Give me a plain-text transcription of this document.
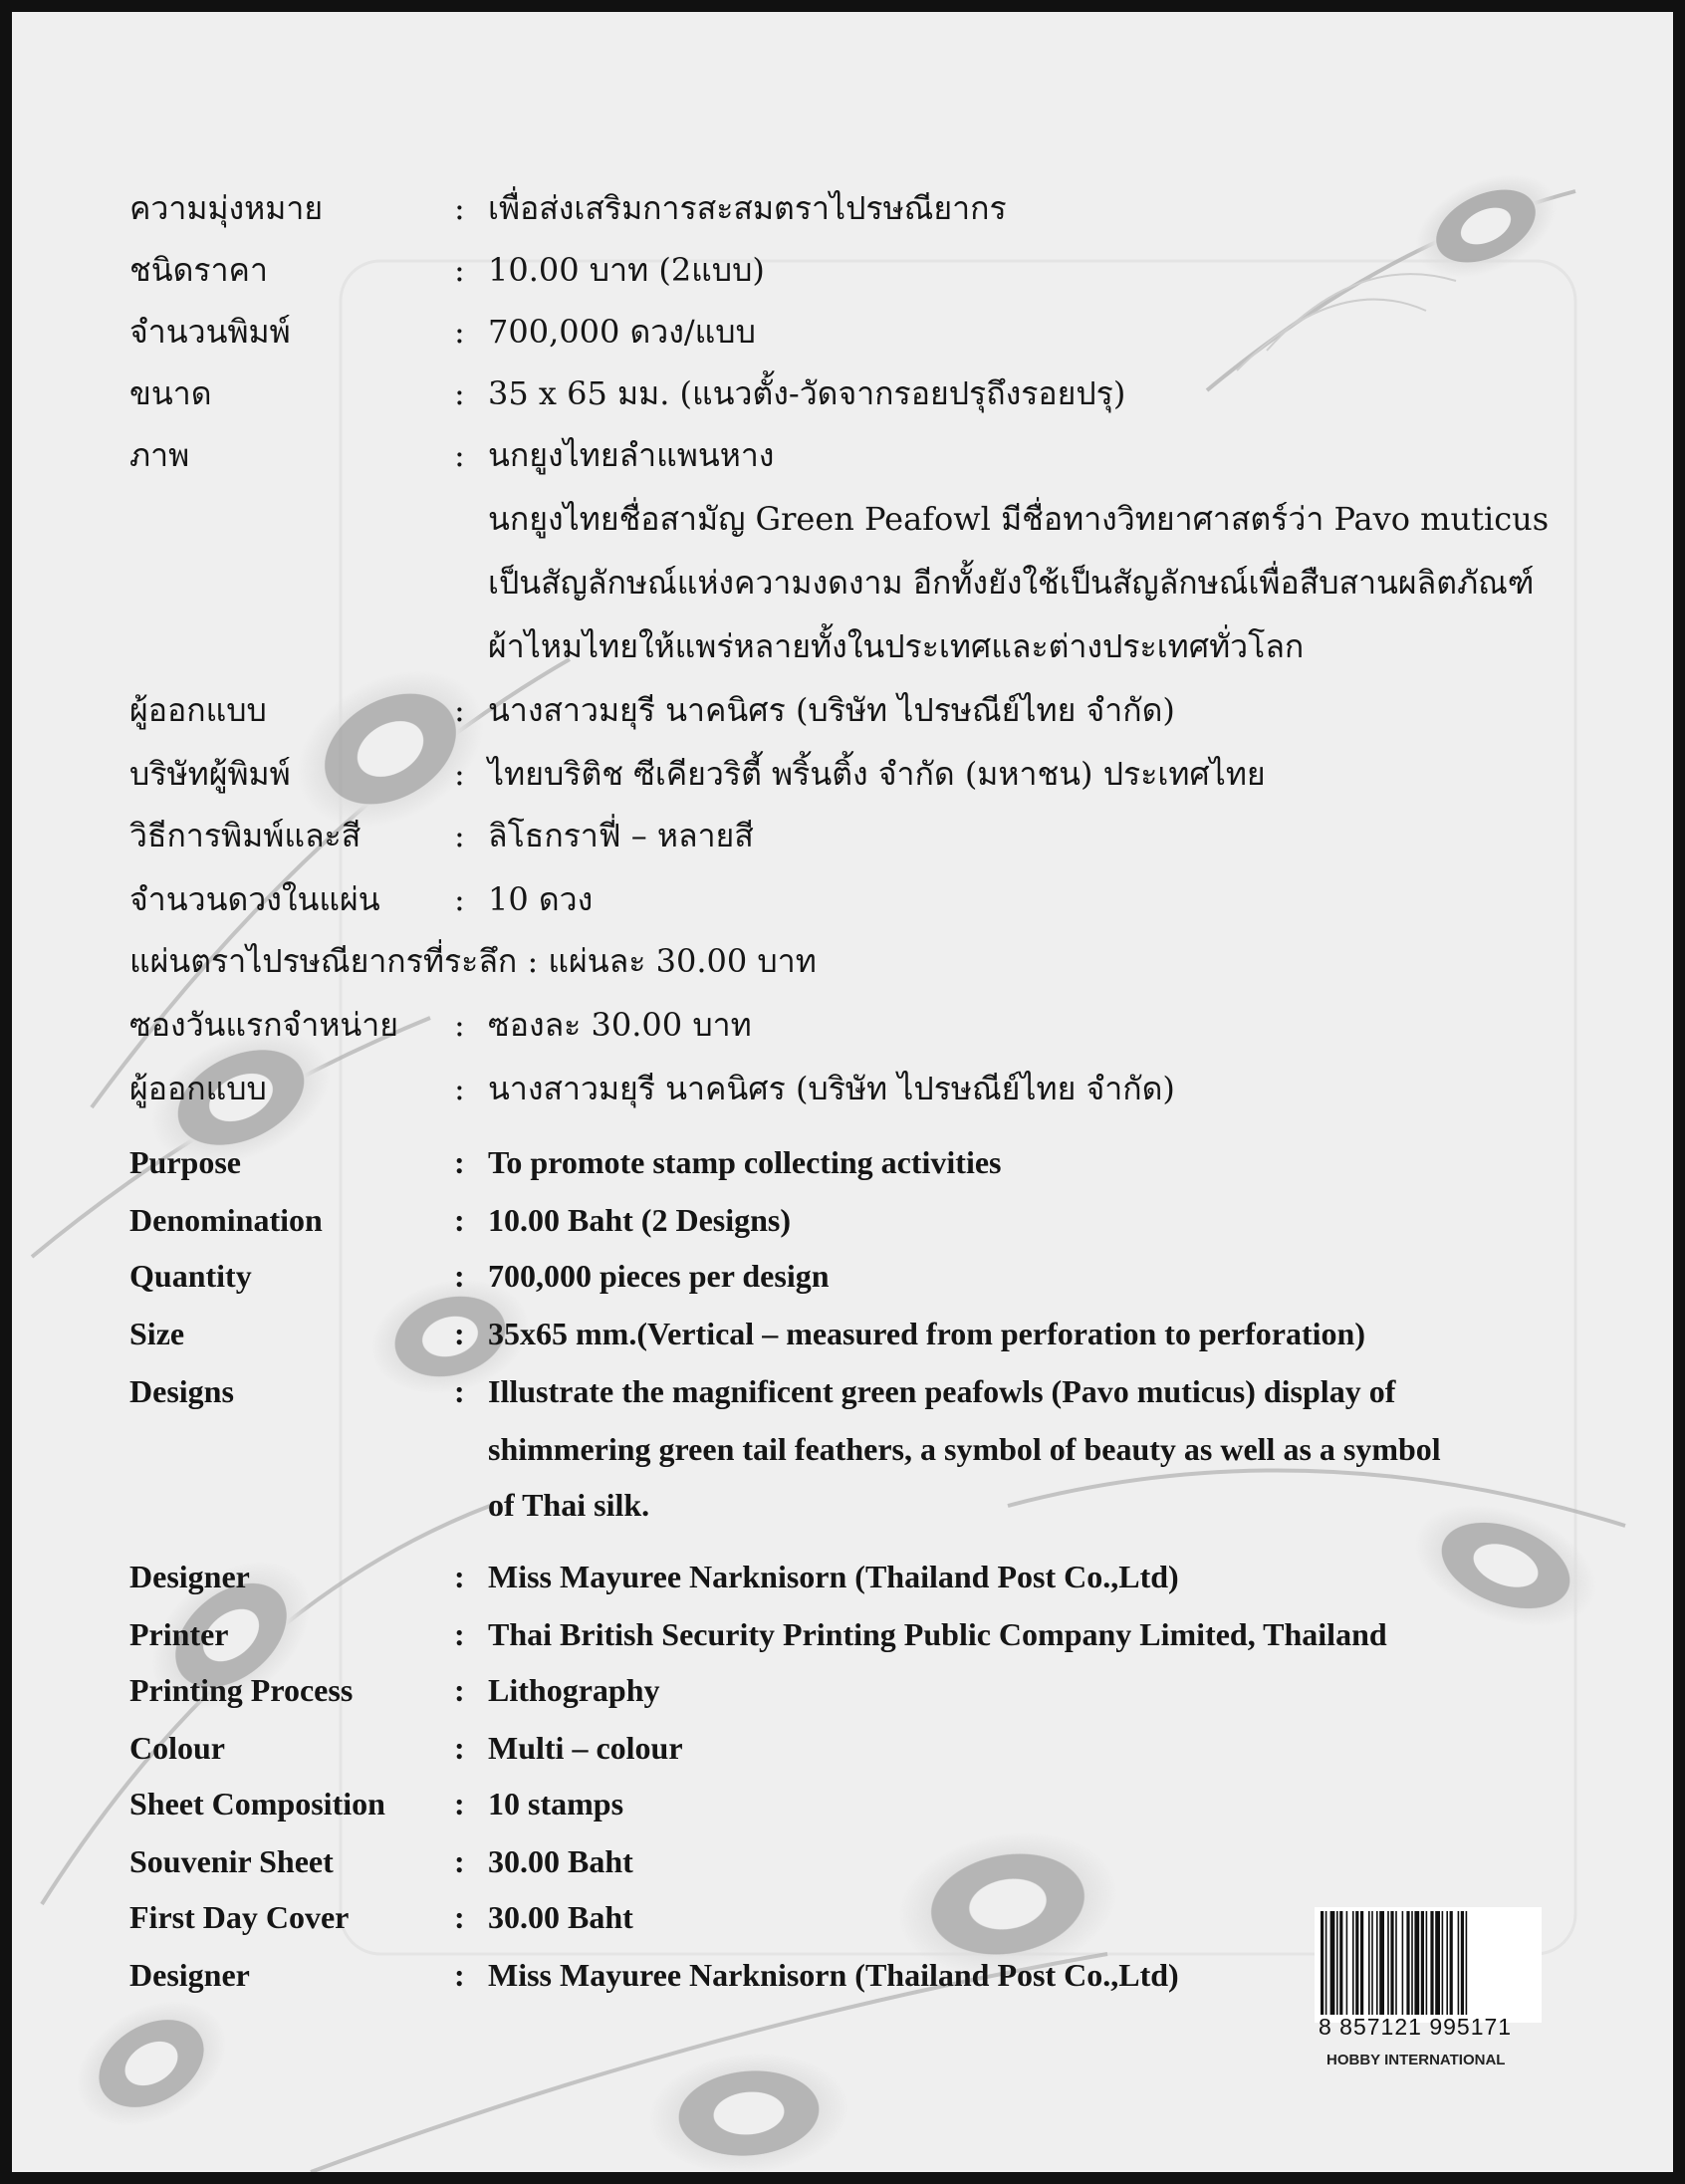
8 857121 995171
HOBBY INTERNATIONAL
ความมุ่งหมาย	: เพื่อส่งเสริมการสะสมตราไปรษณียากร
ชนิดราคา	: 10.00 บาท (2แบบ)
จำนวนพิมพ์	: 700,000 ดวง/แบบ
ขนาด	: 35 x 65 มม. (แนวตั้ง-วัดจากรอยปรุถึงรอยปรุ)
ภาพ	: นกยูงไทยลำแพนหาง
นกยูงไทยชื่อสามัญ Green Peafowl มีชื่อทางวิทยาศาสตร์ว่า Pavo muticus
เป็นสัญลักษณ์แห่งความงดงาม อีกทั้งยังใช้เป็นสัญลักษณ์เพื่อสืบสานผลิตภัณฑ์
ผ้าไหมไทยให้แพร่หลายทั้งในประเทศและต่างประเทศทั่วโลก
ผู้ออกแบบ	: นางสาวมยุรี นาคนิศร (บริษัท ไปรษณีย์ไทย จำกัด)
บริษัทผู้พิมพ์	: ไทยบริติช ซีเคียวริตี้ พริ้นติ้ง จำกัด (มหาชน) ประเทศไทย
วิธีการพิมพ์และสี	: ลิโธกราฟี่ – หลายสี
จำนวนดวงในแผ่น : 10 ดวง
แผ่นตราไปรษณียากรที่ระลึก : แผ่นละ 30.00 บาท
ซองวันแรกจำหน่าย : ซองละ 30.00 บาท
ผู้ออกแบบ	: นางสาวมยุรี นาคนิศร (บริษัท ไปรษณีย์ไทย จำกัด)
Purpose	: To promote stamp collecting activities
Denomination	: 10.00 Baht (2 Designs)
Quantity	: 700,000 pieces per design
Size	: 35x65 mm.(Vertical – measured from perforation to perforation)
Designs	: Illustrate the magnificent green peafowls (Pavo muticus) display of
shimmering green tail feathers, a symbol of beauty as well as a symbol
of Thai silk.
Designer	: Miss Mayuree Narknisorn (Thailand Post Co.,Ltd)
Printer	: Thai British Security Printing Public Company Limited, Thailand
Printing Process	: Lithography
Colour	: Multi – colour
Sheet Composition : 10 stamps
Souvenir Sheet	: 30.00 Baht
First Day Cover	: 30.00 Baht
Designer	: Miss Mayuree Narknisorn (Thailand Post Co.,Ltd)
